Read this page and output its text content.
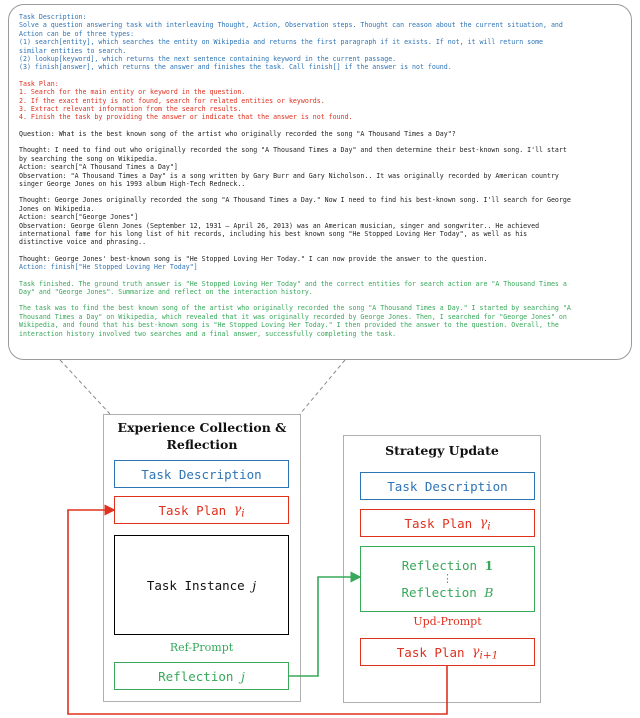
Task Description:

Solve a question answering task with interleaving Thought, Action, Observation steps. Thought can reason about the current situation, and

Action can be of three types:

(1) search[entity], which searches the entity on Wikipedia and returns the first paragraph if it exists. If not, it will return some

similar entities to search.

(2) lookup[keyword], which returns the next sentence containing keyword in the current passage.

(3) finish[answer], which returns the answer and finishes the task. Call finish[] if the answer is not found.

Task Plan:

1. Search for the main entity or keyword in the question.

2. If the exact entity is not found, search for related entities or keywords.

3. Extract relevant information from the search results.

4. Finish the task by providing the answer or indicate that the answer is not found.

Question: What is the best known song of the artist who originally recorded the song "A Thousand Times a Day"?

Thought: I need to find out who originally recorded the song "A Thousand Times a Day" and then determine their best-known song. I'll start

by searching the song on Wikipedia.

Action: search["A Thousand Times a Day"]

Observation: "A Thousand Times a Day" is a song written by Gary Burr and Gary Nicholson.. It was originally recorded by American country

singer George Jones on his 1993 album High-Tech Redneck..

Thought: George Jones originally recorded the song "A Thousand Times a Day." Now I need to find his best-known song. I'll search for George

Jones on Wikipedia.

Action: search["George Jones"]

Observation: George Glenn Jones (September 12, 1931 – April 26, 2013) was an American musician, singer and songwriter.. He achieved

international fame for his long list of hit records, including his best known song "He Stopped Loving Her Today", as well as his

distinctive voice and phrasing..

Thought: George Jones' best-known song is "He Stopped Loving Her Today." I can now provide the answer to the question.

Action: finish["He Stopped Loving Her Today"]

Task finished. The ground truth answer is "He Stopped Loving Her Today" and the correct entities for search action are "A Thousand Times a

Day" and "George Jones". Summarize and reflect on the interaction history.

The task was to find the best known song of the artist who originally recorded the song "A Thousand Times a Day." I started by searching "A

Thousand Times a Day" on Wikipedia, which revealed that it was originally recorded by George Jones. Then, I searched for "George Jones" on

Wikipedia, and found that his best-known song is "He Stopped Loving Her Today." I then provided the answer to the question. Overall, the

interaction history involved two searches and a final answer, successfully completing the task.

Experience Collection &
Reflection
Task Description
Task Plan
$\gamma_i$
Task Instance
j
Ref-Prompt
Reflection
j
Strategy Update
Task Description
Task Plan
$\gamma_i$
Reflection 1
⋮
Reflection B
Upd-Prompt
Task Plan
$\gamma_{i+1}$
